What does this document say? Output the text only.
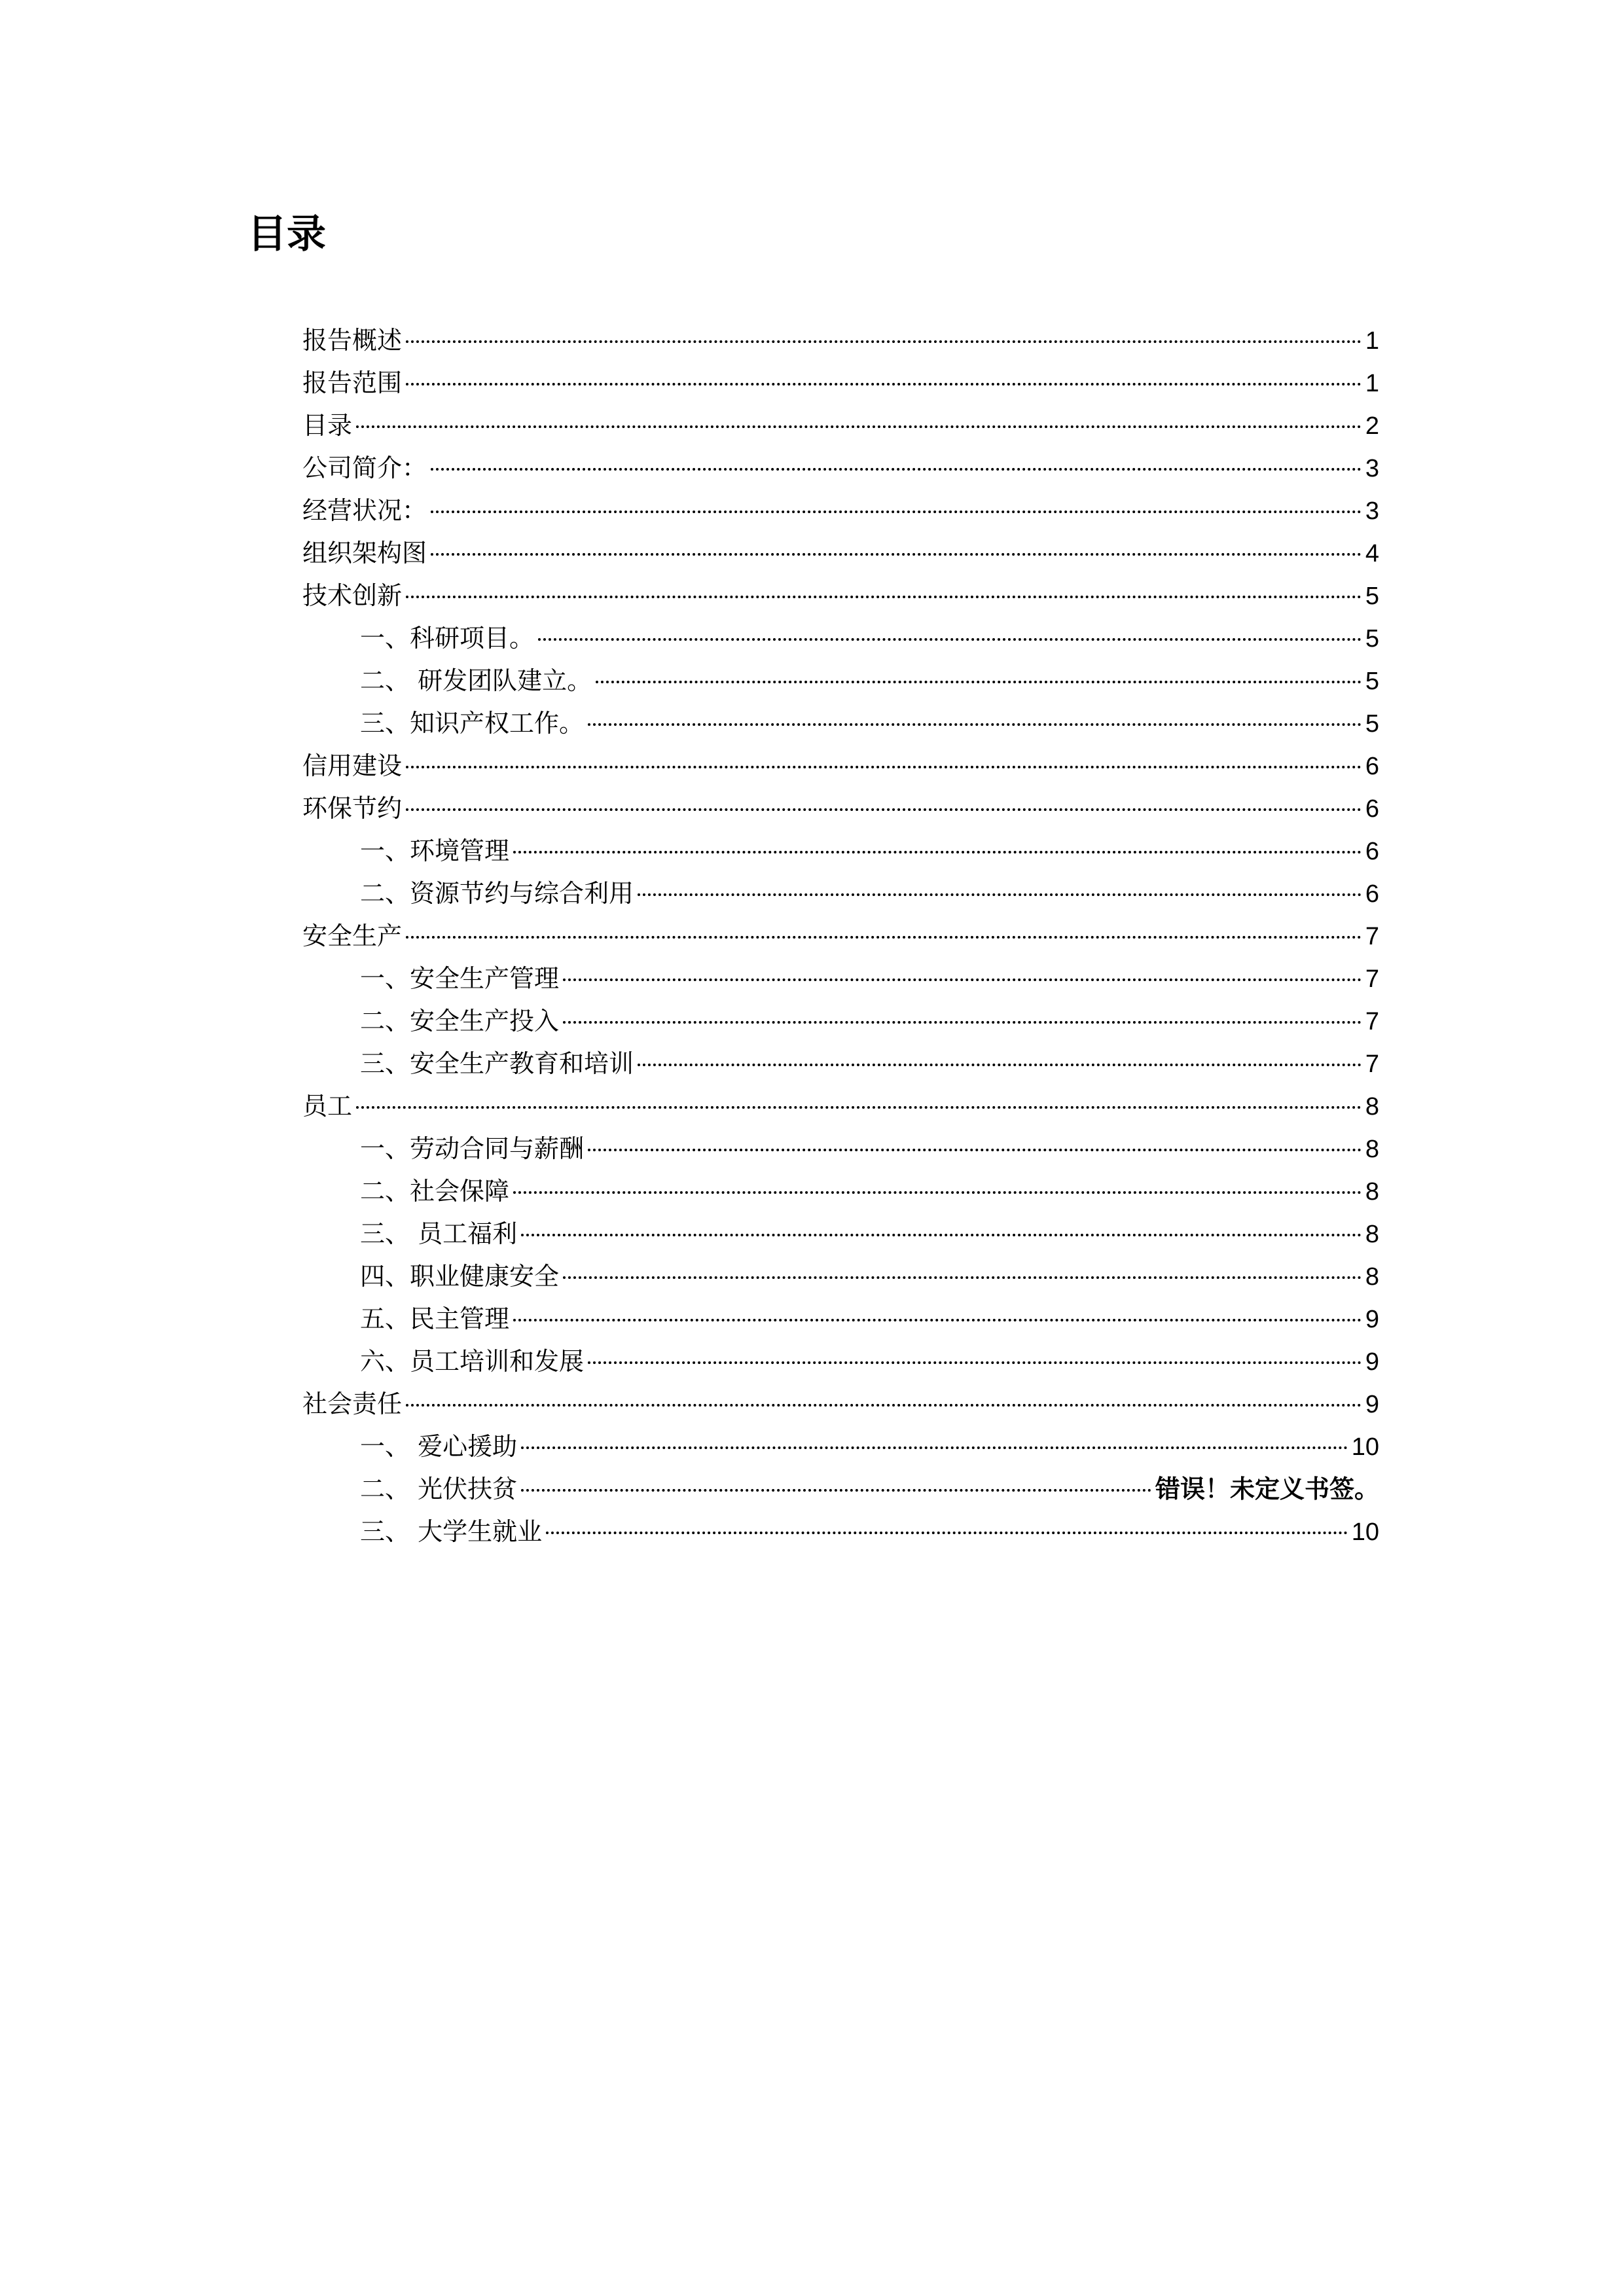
目录
报告概述	1
报告范围	1
目录	2
公司简介：	3
经营状况：	3
组织架构图	4
技术创新	5
一、科研项目。	5
二、 研发团队建立。	5
三、知识产权工作。	5
信用建设	6
环保节约	6
一、环境管理	6
二、资源节约与综合利用	6
安全生产	7
一、安全生产管理	7
二、安全生产投入	7
三、安全生产教育和培训	7
员工	8
一、劳动合同与薪酬	8
二、社会保障	8
三、 员工福利	8
四、职业健康安全	8
五、民主管理	9
六、员工培训和发展	9
社会责任	9
一、 爱心援助	10
二、 光伏扶贫	错误！未定义书签。
三、 大学生就业	10
